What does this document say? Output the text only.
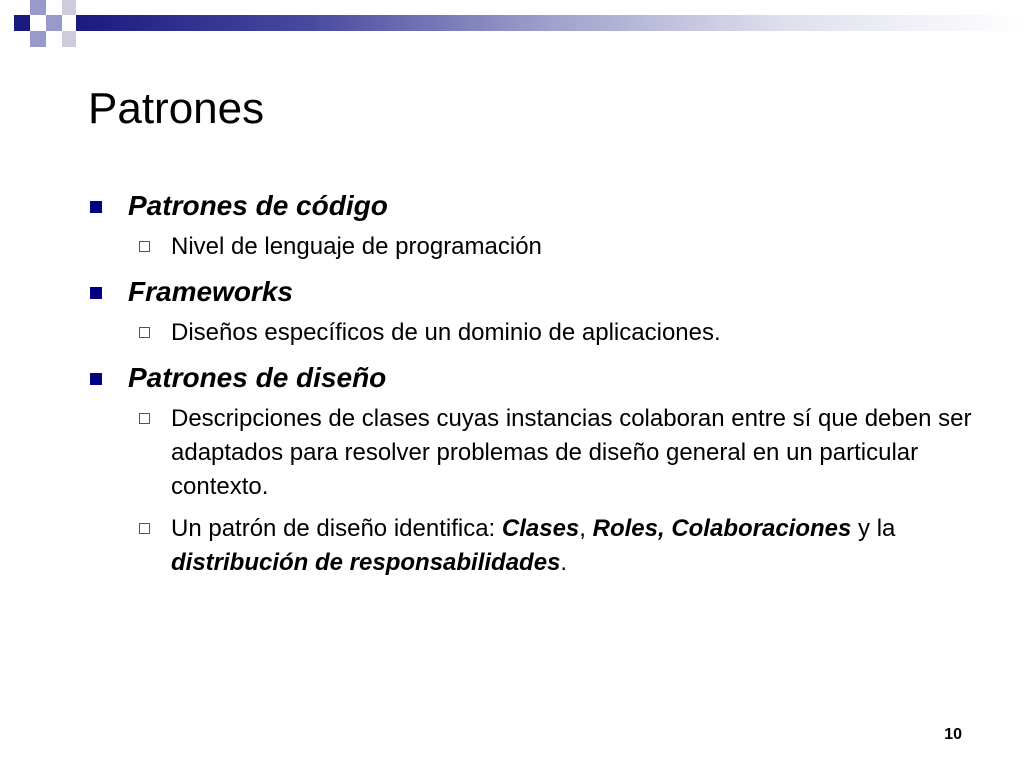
Patrones
Patrones de código
Nivel de lenguaje de programación
Frameworks
Diseños específicos de un dominio de aplicaciones.
Patrones de diseño
Descripciones de clases cuyas instancias colaboran entre sí que deben ser adaptados para resolver problemas de diseño general en un particular contexto.
Un patrón de diseño identifica: Clases, Roles, Colaboraciones y la distribución de responsabilidades.
10
